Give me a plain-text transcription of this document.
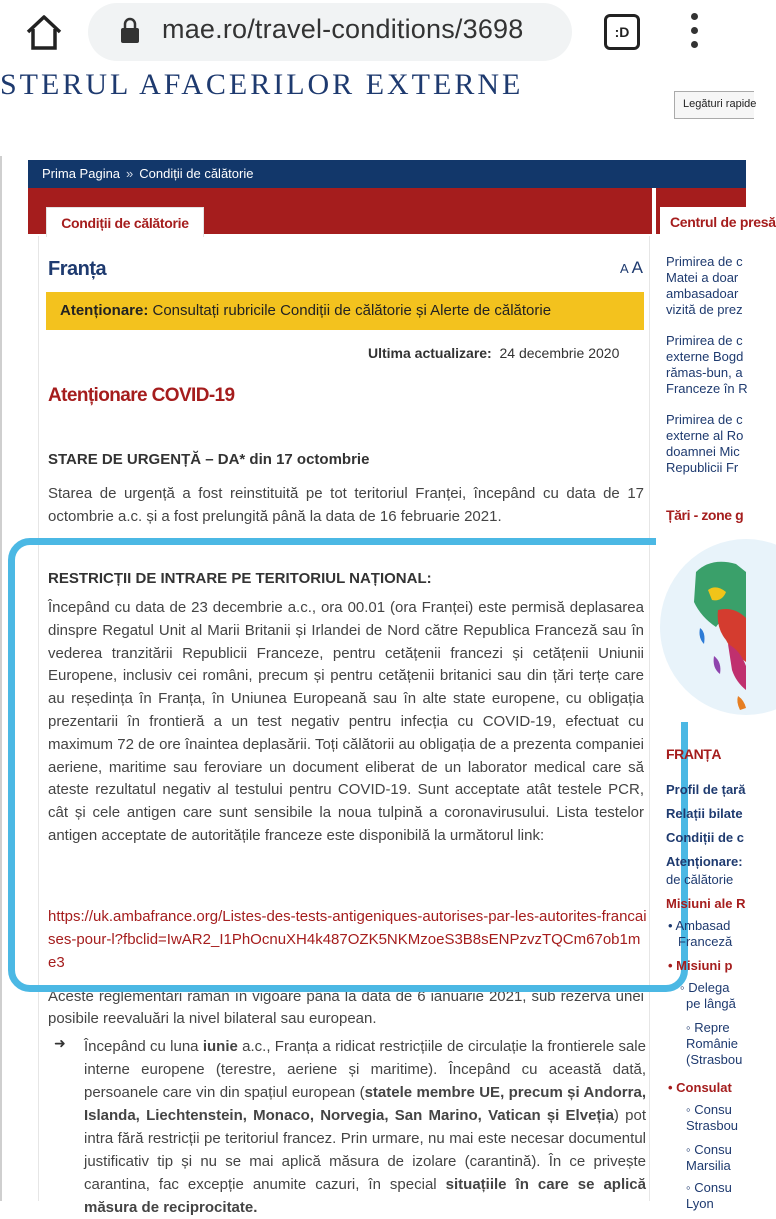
mae.ro/travel-conditions/3698	:D
STERUL AFACERILOR EXTERNE
Legături rapide
Prima Pagina » Condiții de călătorie
Condiții de călătorie	Centrul de presă
Franța	A A
Atenționare: Consultați rubricile Condiții de călătorie și Alerte de călătorie
Ultima actualizare: 24 decembrie 2020
Atenționare COVID-19
STARE DE URGENȚĂ – DA* din 17 octombrie
Starea de urgență a fost reinstituită pe tot teritoriul Franței, începând cu data de 17 octombrie a.c. și a fost prelungită până la data de 16 februarie 2021.
RESTRICȚII DE INTRARE PE TERITORIUL NAȚIONAL:
Începând cu data de 23 decembrie a.c., ora 00.01 (ora Franței) este permisă deplasarea dinspre Regatul Unit al Marii Britanii și Irlandei de Nord către Republica Franceză sau în vederea tranzitării Republicii Franceze, pentru cetățenii francezi și cetățenii Uniunii Europene, inclusiv cei români, precum și pentru cetățenii britanici sau din țări terțe care au reședința în Franța, în Uniunea Europeană sau în alte state europene, cu obligația prezentarii în frontieră a un test negativ pentru infecția cu COVID-19, efectuat cu maximum 72 de ore înaintea deplasării. Toți călătorii au obligația de a prezenta companiei aeriene, maritime sau feroviare un document eliberat de un laborator medical care să ateste rezultatul negativ al testului pentru COVID-19. Sunt acceptate atât testele PCR, cât și cele antigen care sunt sensibile la noua tulpină a coronavirusului. Lista testelor antigen acceptate de autoritățile franceze este disponibilă la următorul link:
https://uk.ambafrance.org/Listes-des-tests-antigeniques-autorises-par-les-autorites-francaises-pour-l?fbclid=IwAR2_I1PhOcnuXH4k487OZK5NKMzoeS3B8sENPzvzTQCm67ob1me3
Aceste reglementări rămân în vigoare până la data de 6 ianuarie 2021, sub rezerva unei posibile reevaluări la nivel bilateral sau european.
➜ Începând cu luna iunie a.c., Franța a ridicat restricțiile de circulație la frontierele sale interne europene (terestre, aeriene și maritime). Începând cu această dată, persoanele care vin din spațiul european (statele membre UE, precum și Andorra, Islanda, Liechtenstein, Monaco, Norvegia, San Marino, Vatican și Elveția) pot intra fără restricții pe teritoriul francez. Prin urmare, nu mai este necesar documentul justificativ tip și nu se mai aplică măsura de izolare (carantină). În ce privește carantina, fac excepție anumite cazuri, în special situațiile în care se aplică măsura de reciprocitate.
Primirea de c
Matei a doar
ambasadoar
vizită de prez
Primirea de c
externe Bogd
rămas-bun, a
Franceze în R
Primirea de c
externe al Ro
doamnei Mic
Republicii Fr
Țări - zone g
FRANȚA
Profil de țară
Relații bilate
Condiții de c
Atenționare:
de călătorie
Misiuni ale R
• Ambasad
Franceză
• Misiuni p
◦ Delega
pe lângă
◦ Repre
Românie
(Strasbou
• Consulat
◦ Consu
Strasbou
◦ Consu
Marsilia
◦ Consu
Lyon
